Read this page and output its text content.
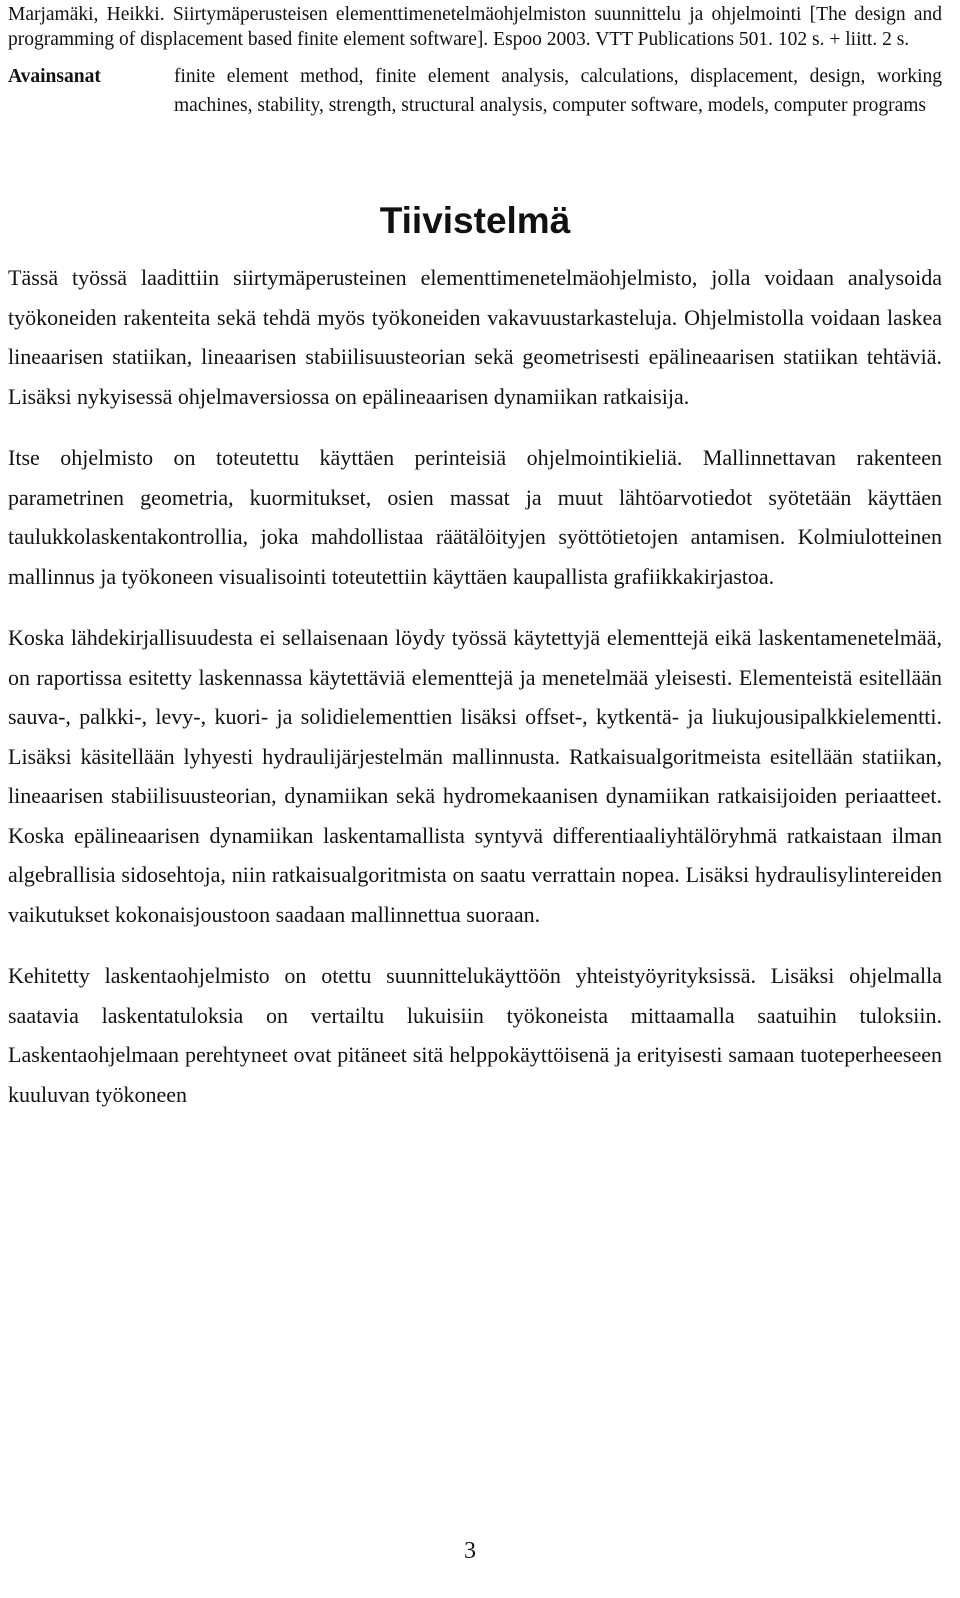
Marjamäki, Heikki. Siirtymäperusteisen elementtimenetelmäohjelmiston suunnittelu ja ohjelmointi [The design and programming of displacement based finite element software]. Espoo 2003. VTT Publications 501. 102 s. + liitt. 2 s.

Avainsanat	finite element method, finite element analysis, calculations, displacement, design, working machines, stability, strength, structural analysis, computer software, models, computer programs
Tiivistelmä

Tässä työssä laadittiin siirtymäperusteinen elementtimenetelmäohjelmisto, jolla voidaan analysoida työkoneiden rakenteita sekä tehdä myös työkoneiden vakavuustarkasteluja. Ohjelmistolla voidaan laskea lineaarisen statiikan, lineaarisen stabiilisuusteorian sekä geometrisesti epälineaarisen statiikan tehtäviä. Lisäksi nykyisessä ohjelmaversiossa on epälineaarisen dynamiikan ratkaisija.

Itse ohjelmisto on toteutettu käyttäen perinteisiä ohjelmointikieliä. Mallinnettavan rakenteen parametrinen geometria, kuormitukset, osien massat ja muut lähtöarvotiedot syötetään käyttäen taulukkolaskentakontrollia, joka mahdollistaa räätälöityjen syöttötietojen antamisen. Kolmiulotteinen mallinnus ja työkoneen visualisointi toteutettiin käyttäen kaupallista grafiikkakirjastoa.

Koska lähdekirjallisuudesta ei sellaisenaan löydy työssä käytettyjä elementtejä eikä laskentamenetelmää, on raportissa esitetty laskennassa käytettäviä elementtejä ja menetelmää yleisesti. Elementeistä esitellään sauva-, palkki-, levy-, kuori- ja solidielementtien lisäksi offset-, kytkentä- ja liukujousipalkkielementti. Lisäksi käsitellään lyhyesti hydraulijärjestelmän mallinnusta. Ratkaisualgoritmeista esitellään statiikan, lineaarisen stabiilisuusteorian, dynamiikan sekä hydromekaanisen dynamiikan ratkaisijoiden periaatteet. Koska epälineaarisen dynamiikan laskentamallista syntyvä differentiaaliyhtälöryhmä ratkaistaan ilman algebrallisia sidosehtoja, niin ratkaisualgoritmista on saatu verrattain nopea. Lisäksi hydraulisylintereiden vaikutukset kokonaisjoustoon saadaan mallinnettua suoraan.

Kehitetty laskentaohjelmisto on otettu suunnittelukäyttöön yhteistyöyrityksissä. Lisäksi ohjelmalla saatavia laskentatuloksia on vertailtu lukuisiin työkoneista mittaamalla saatuihin tuloksiin. Laskentaohjelmaan perehtyneet ovat pitäneet sitä helppokäyttöisenä ja erityisesti samaan tuoteperheeseen kuuluvan työkoneen

3
